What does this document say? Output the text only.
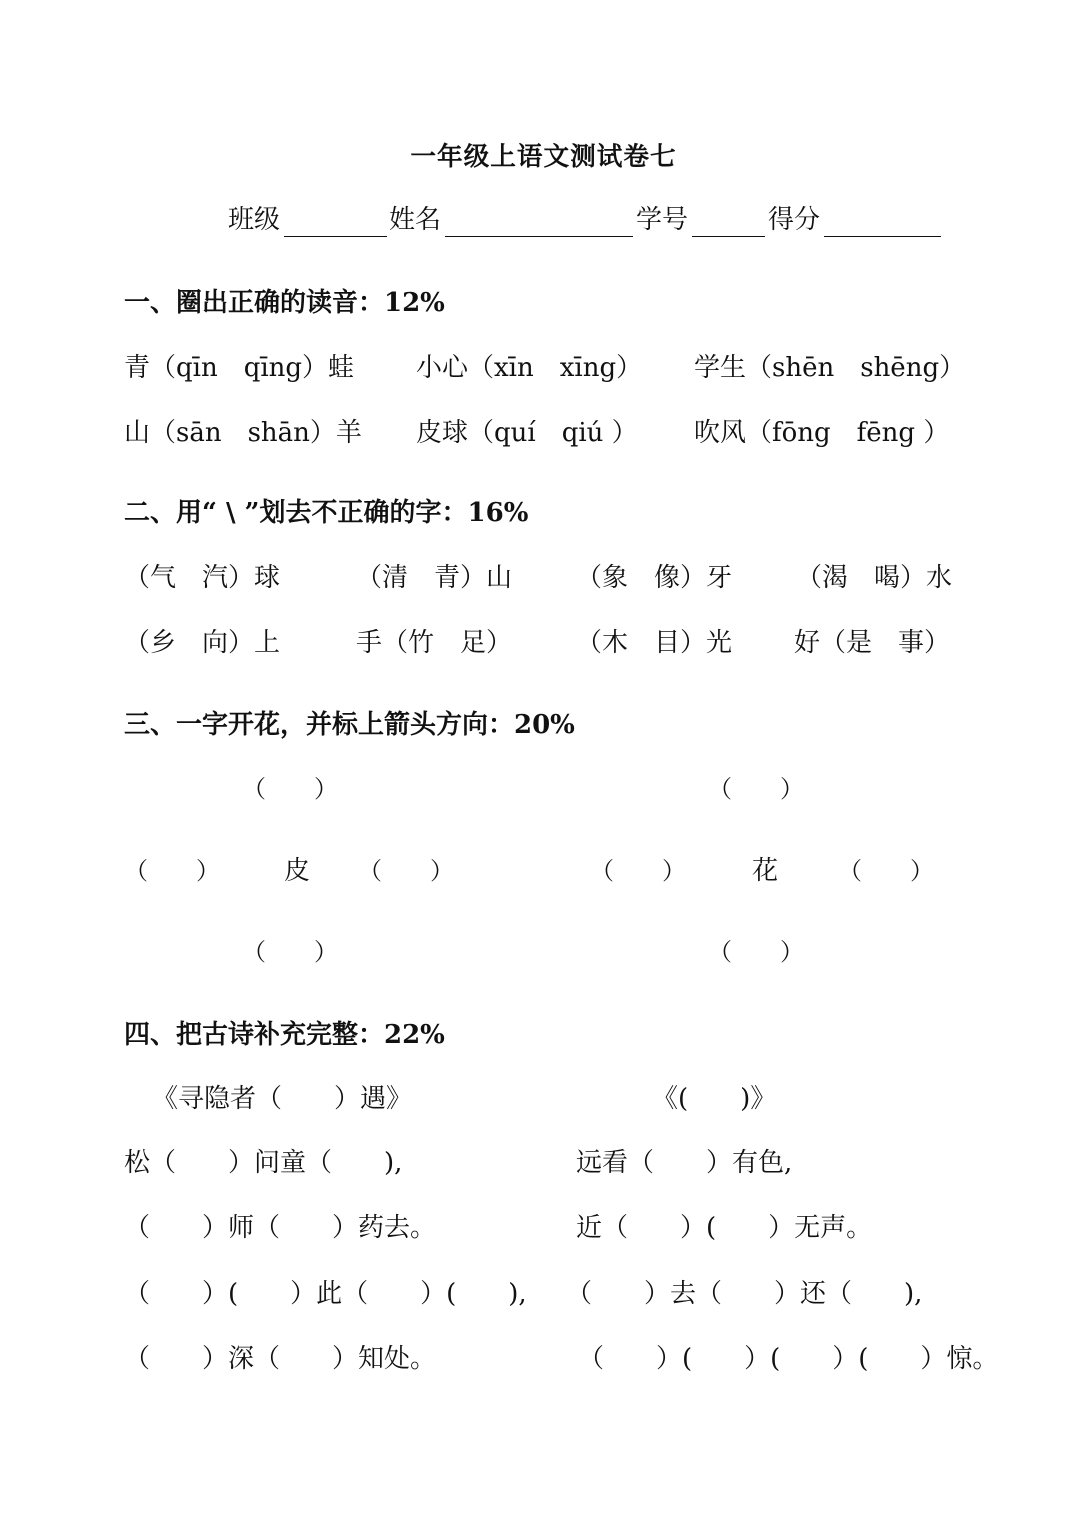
一年级上语文测试卷七
班级	姓名	学号	得分
一、圈出正确的读音：12%
青（qīn　qīng）蛙 小心（xīn　xīng） 学生（shēn　shēng）
山（sān　shān）羊 皮球（quí　qiú ） 吹风（fōng　fēng ）
二、用“ \ ”划去不正确的字：16%
（气　汽）球	（清　青）山 （象　像）牙 （渴　喝）水
（乡　向）上	手（竹　足） （木　目）光 好（是　事）
三、一字开花，并标上箭头方向：20%
（　　）
（　　） 皮 （　　）
（　　）
（　　）
（　　）	花 （　　）
（　　）
四、把古诗补充完整：22%
《寻隐者（　　）遇》	《(　　)》
松（　　）问童（　　),
（　　）师（　　）药去。
（　　）(　　）此（　　）(　　),
（　　）深（　　）知处。
远看（　　）有色,
近（　　）(　　）无声。
（　　）去（　　）还（　　),
（　　）(　　）(　　）(　　）惊。
